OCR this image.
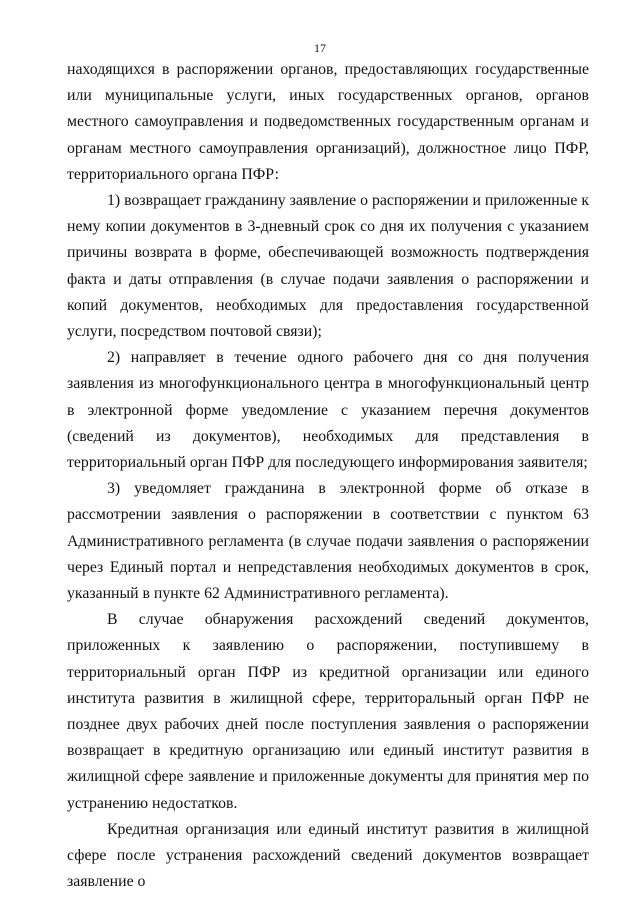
17

находящихся в распоряжении органов, предоставляющих государственные или муниципальные услуги, иных государственных органов, органов местного самоуправления и подведомственных государственным органам и органам местного самоуправления организаций), должностное лицо ПФР, территориального органа ПФР:

1) возвращает гражданину заявление о распоряжении и приложенные к нему копии документов в 3-дневный срок со дня их получения с указанием причины возврата в форме, обеспечивающей возможность подтверждения факта и даты отправления (в случае подачи заявления о распоряжении и копий документов, необходимых для предоставления государственной услуги, посредством почтовой связи);

2) направляет в течение одного рабочего дня со дня получения заявления из многофункционального центра в многофункциональный центр в электронной форме уведомление с указанием перечня документов (сведений из документов), необходимых для представления в территориальный орган ПФР для последующего информирования заявителя;

3) уведомляет гражданина в электронной форме об отказе в рассмотрении заявления о распоряжении в соответствии с пунктом 63 Административного регламента (в случае подачи заявления о распоряжении через Единый портал и непредставления необходимых документов в срок, указанный в пункте 62 Административного регламента).

В случае обнаружения расхождений сведений документов, приложенных к заявлению о распоряжении, поступившему в территориальный орган ПФР из кредитной организации или единого института развития в жилищной сфере, территоральный орган ПФР не позднее двух рабочих дней после поступления заявления о распоряжении возвращает в кредитную организацию или единый институт развития в жилищной сфере заявление и приложенные документы для принятия мер по устранению недостатков.

Кредитная организация или единый институт развития в жилищной сфере после устранения расхождений сведений документов возвращает заявление о
